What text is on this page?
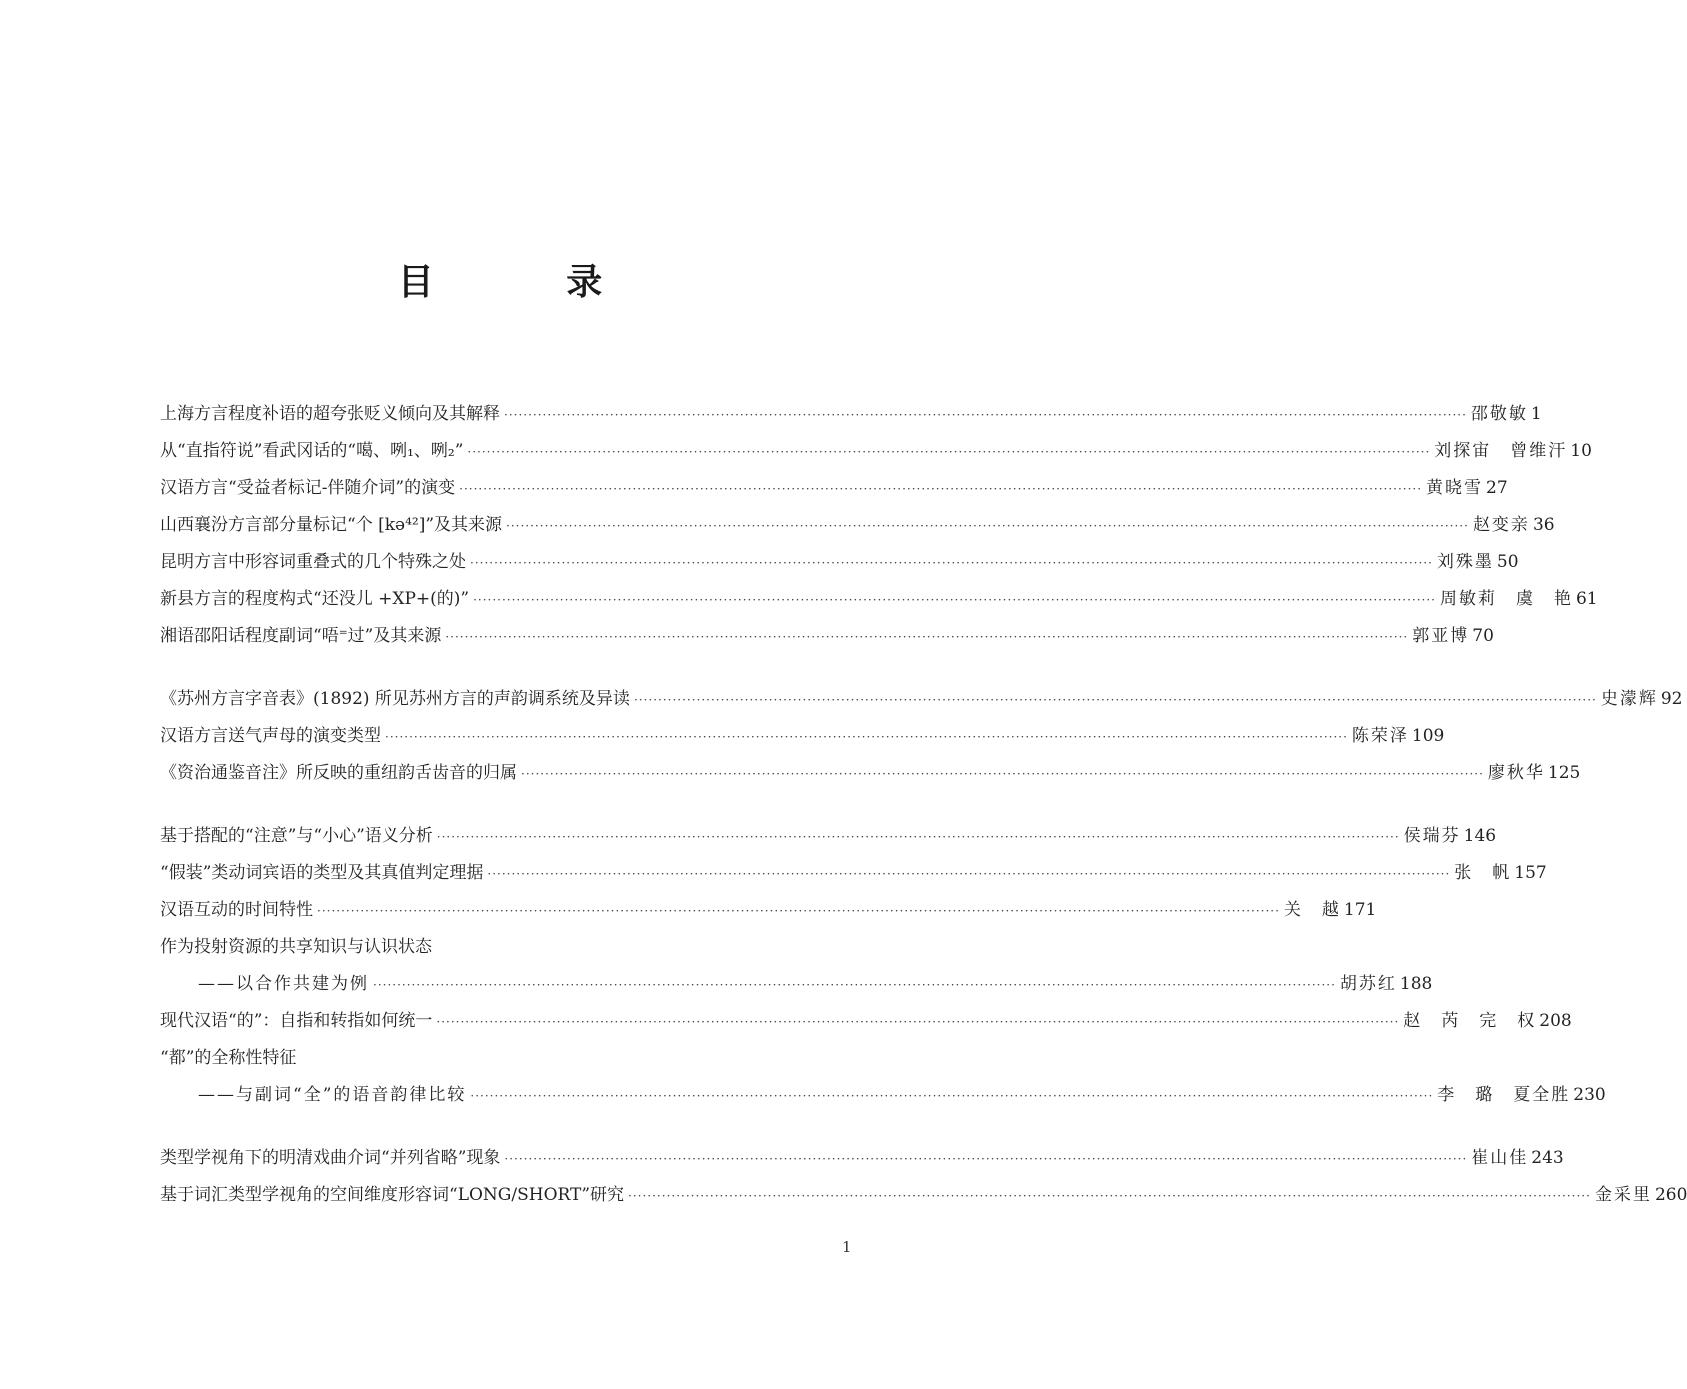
目 录
上海方言程度补语的超夸张贬义倾向及其解释 ········································································································································································································ 邵敬敏 1
从“直指符说”看武冈话的“噶、咧₁、咧₂” ········································································································································································································ 刘探宙　曾维汗 10
汉语方言“受益者标记-伴随介词”的演变 ········································································································································································································ 黄晓雪 27
山西襄汾方言部分量标记“个 [kə⁴²]”及其来源 ········································································································································································································ 赵变亲 36
昆明方言中形容词重叠式的几个特殊之处 ········································································································································································································ 刘殊墨 50
新县方言的程度构式“还没儿 +XP+(的)” ········································································································································································································ 周敏莉　虞　艳 61
湘语邵阳话程度副词“唔⁼过”及其来源 ········································································································································································································ 郭亚博 70
《苏州方言字音表》(1892) 所见苏州方言的声韵调系统及异读 ········································································································································································································ 史濛辉 92
汉语方言送气声母的演变类型 ········································································································································································································ 陈荣泽 109
《资治通鉴音注》所反映的重纽韵舌齿音的归属 ········································································································································································································ 廖秋华 125
基于搭配的“注意”与“小心”语义分析 ········································································································································································································ 侯瑞芬 146
“假装”类动词宾语的类型及其真值判定理据 ········································································································································································································ 张　帆 157
汉语互动的时间特性 ········································································································································································································ 关　越 171
作为投射资源的共享知识与认识状态
——以合作共建为例 ········································································································································································································ 胡苏红 188
现代汉语“的”：自指和转指如何统一 ········································································································································································································ 赵　芮　完　权 208
“都”的全称性特征
——与副词“全”的语音韵律比较 ········································································································································································································ 李　璐　夏全胜 230
类型学视角下的明清戏曲介词“并列省略”现象 ········································································································································································································ 崔山佳 243
基于词汇类型学视角的空间维度形容词“LONG/SHORT”研究 ········································································································································································································ 金采里 260
1
